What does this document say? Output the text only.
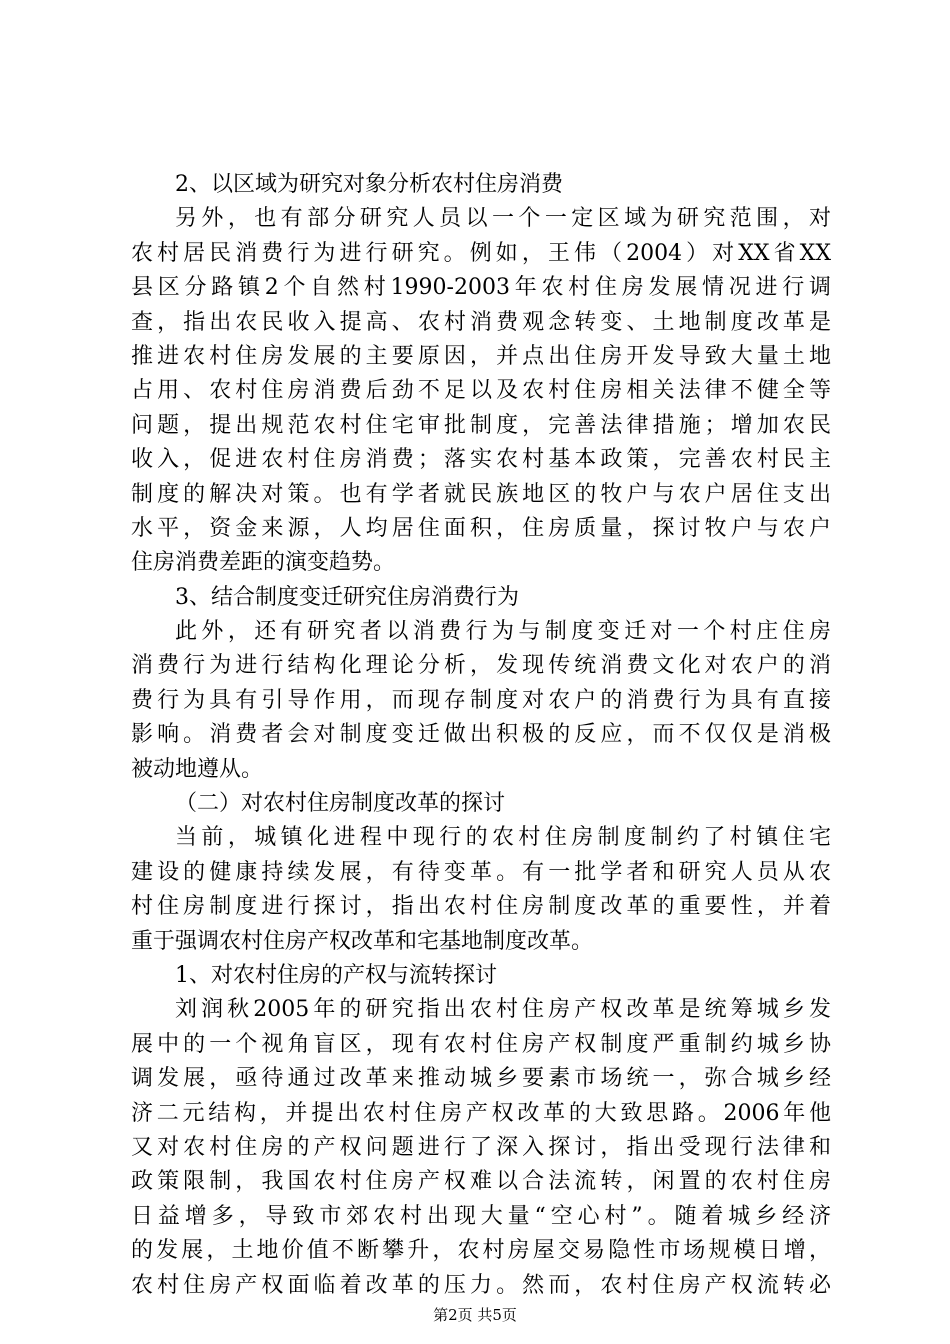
2、以区域为研究对象分析农村住房消费
另外，也有部分研究人员以一个一定区域为研究范围，对
农村居民消费行为进行研究。例如，王伟（2004）对XX省XX
县区分路镇2个自然村1990-2003年农村住房发展情况进行调
查，指出农民收入提高、农村消费观念转变、土地制度改革是
推进农村住房发展的主要原因，并点出住房开发导致大量土地
占用、农村住房消费后劲不足以及农村住房相关法律不健全等
问题，提出规范农村住宅审批制度，完善法律措施；增加农民
收入，促进农村住房消费；落实农村基本政策，完善农村民主
制度的解决对策。也有学者就民族地区的牧户与农户居住支出
水平，资金来源，人均居住面积，住房质量，探讨牧户与农户
住房消费差距的演变趋势。
3、结合制度变迁研究住房消费行为
此外，还有研究者以消费行为与制度变迁对一个村庄住房
消费行为进行结构化理论分析，发现传统消费文化对农户的消
费行为具有引导作用，而现存制度对农户的消费行为具有直接
影响。消费者会对制度变迁做出积极的反应，而不仅仅是消极
被动地遵从。
（二）对农村住房制度改革的探讨
当前，城镇化进程中现行的农村住房制度制约了村镇住宅
建设的健康持续发展，有待变革。有一批学者和研究人员从农
村住房制度进行探讨，指出农村住房制度改革的重要性，并着
重于强调农村住房产权改革和宅基地制度改革。
1、对农村住房的产权与流转探讨
刘润秋2005年的研究指出农村住房产权改革是统筹城乡发
展中的一个视角盲区，现有农村住房产权制度严重制约城乡协
调发展，亟待通过改革来推动城乡要素市场统一，弥合城乡经
济二元结构，并提出农村住房产权改革的大致思路。2006年他
又对农村住房的产权问题进行了深入探讨，指出受现行法律和
政策限制，我国农村住房产权难以合法流转，闲置的农村住房
日益增多，导致市郊农村出现大量“空心村”。随着城乡经济
的发展，土地价值不断攀升，农村房屋交易隐性市场规模日增，
农村住房产权面临着改革的压力。然而，农村住房产权流转必
第2页 共5页
